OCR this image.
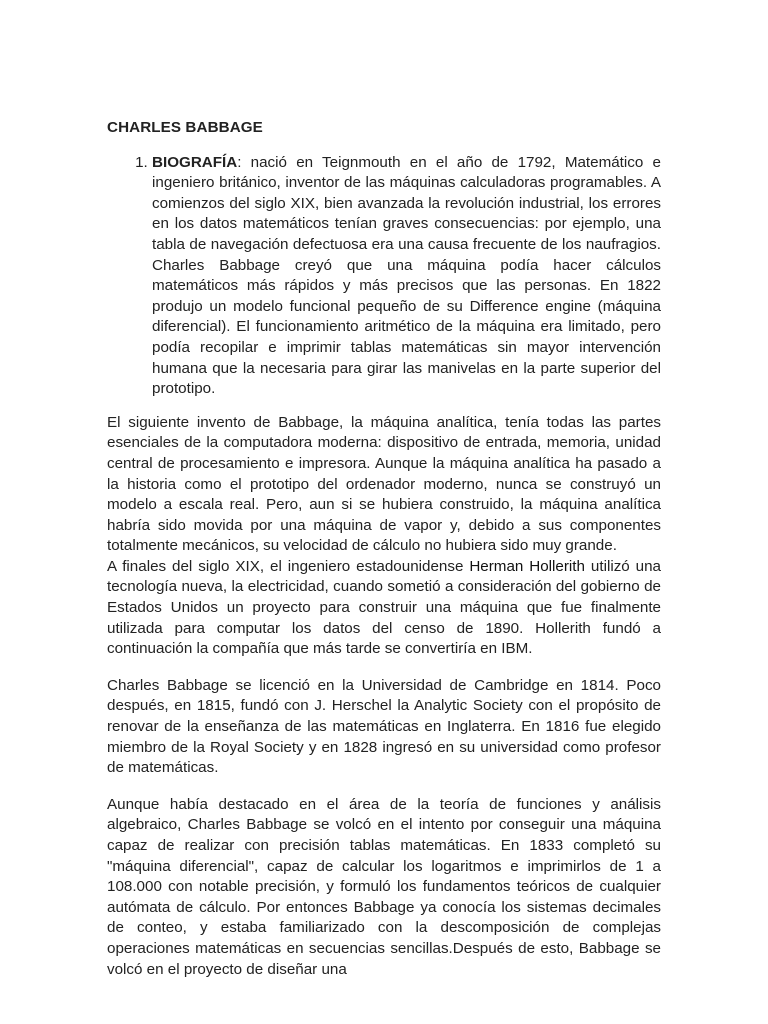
CHARLES BABBAGE
1. BIOGRAFÍA: nació en Teignmouth en el año de 1792, Matemático e ingeniero británico, inventor de las máquinas calculadoras programables. A comienzos del siglo XIX, bien avanzada la revolución industrial, los errores en los datos matemáticos tenían graves consecuencias: por ejemplo, una tabla de navegación defectuosa era una causa frecuente de los naufragios. Charles Babbage creyó que una máquina podía hacer cálculos matemáticos más rápidos y más precisos que las personas. En 1822 produjo un modelo funcional pequeño de su Difference engine (máquina diferencial). El funcionamiento aritmético de la máquina era limitado, pero podía recopilar e imprimir tablas matemáticas sin mayor intervención humana que la necesaria para girar las manivelas en la parte superior del prototipo.

El siguiente invento de Babbage, la máquina analítica, tenía todas las partes esenciales de la computadora moderna: dispositivo de entrada, memoria, unidad central de procesamiento e impresora. Aunque la máquina analítica ha pasado a la historia como el prototipo del ordenador moderno, nunca se construyó un modelo a escala real. Pero, aun si se hubiera construido, la máquina analítica habría sido movida por una máquina de vapor y, debido a sus componentes totalmente mecánicos, su velocidad de cálculo no hubiera sido muy grande.

A finales del siglo XIX, el ingeniero estadounidense Herman Hollerith utilizó una tecnología nueva, la electricidad, cuando sometió a consideración del gobierno de Estados Unidos un proyecto para construir una máquina que fue finalmente utilizada para computar los datos del censo de 1890. Hollerith fundó a continuación la compañía que más tarde se convertiría en IBM.

Charles Babbage se licenció en la Universidad de Cambridge en 1814. Poco después, en 1815, fundó con J. Herschel la Analytic Society con el propósito de renovar de la enseñanza de las matemáticas en Inglaterra. En 1816 fue elegido miembro de la Royal Society y en 1828 ingresó en su universidad como profesor de matemáticas.

Aunque había destacado en el área de la teoría de funciones y análisis algebraico, Charles Babbage se volcó en el intento por conseguir una máquina capaz de realizar con precisión tablas matemáticas. En 1833 completó su "máquina diferencial", capaz de calcular los logaritmos e imprimirlos de 1 a 108.000 con notable precisión, y formuló los fundamentos teóricos de cualquier autómata de cálculo. Por entonces Babbage ya conocía los sistemas decimales de conteo, y estaba familiarizado con la descomposición de complejas operaciones matemáticas en secuencias sencillas.Después de esto, Babbage se volcó en el proyecto de diseñar una
